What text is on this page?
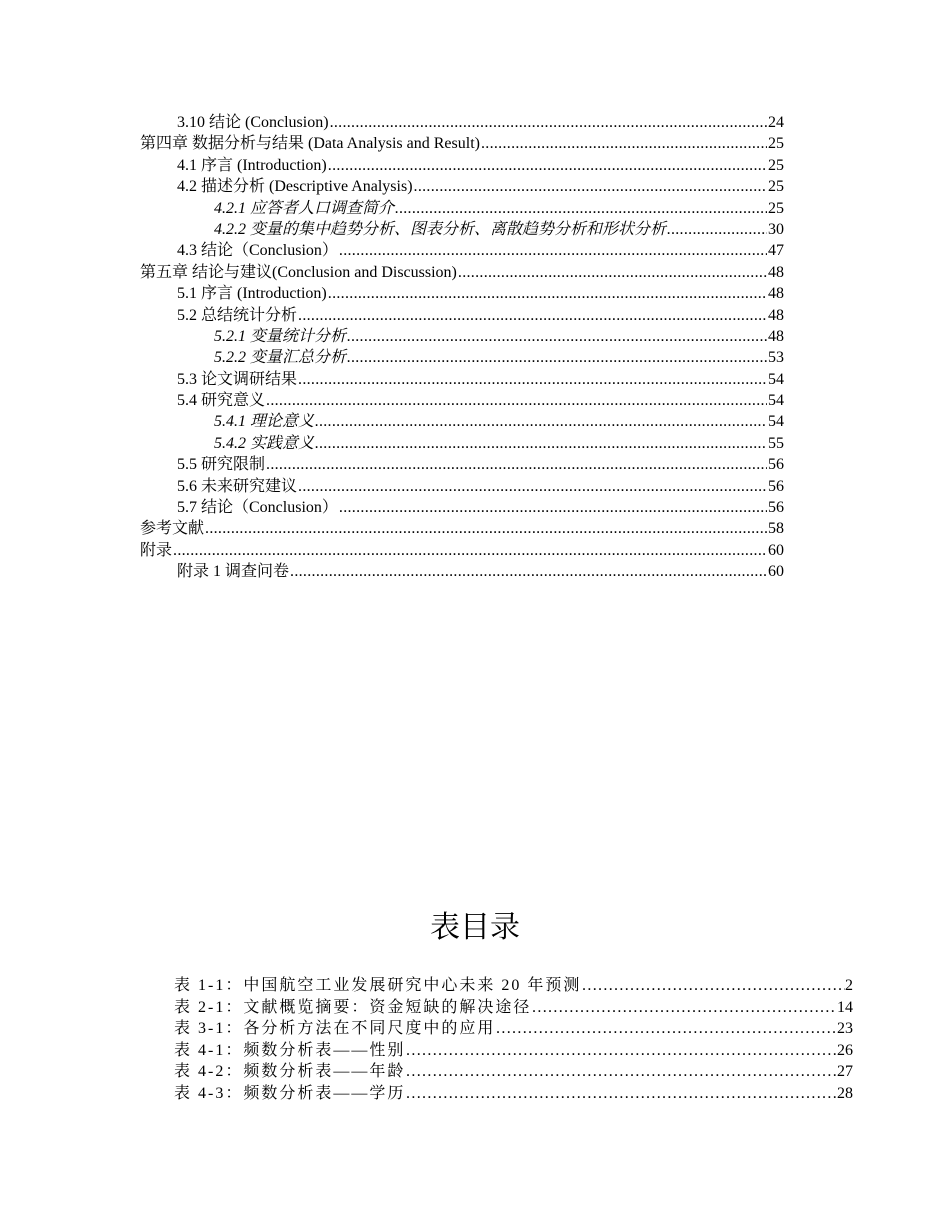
3.10 结论 (Conclusion) .....	24
第四章 数据分析与结果 (Data Analysis and Result) .....	25
4.1 序言 (Introduction) .....	25
4.2 描述分析 (Descriptive Analysis) .....	25
4.2.1 应答者人口调查简介 .....	25
4.2.2 变量的集中趋势分析、图表分析、离散趋势分析和形状分析 .....	30
4.3 结论（Conclusion） .....	47
第五章 结论与建议(Conclusion and Discussion) .....	48
5.1 序言 (Introduction) .....	48
5.2 总结统计分析 .....	48
5.2.1 变量统计分析 .....	48
5.2.2 变量汇总分析 .....	53
5.3 论文调研结果 .....	54
5.4 研究意义 .....	54
5.4.1 理论意义 .....	54
5.4.2 实践意义 .....	55
5.5 研究限制 .....	56
5.6 未来研究建议 .....	56
5.7 结论（Conclusion） .....	56
参考文献 .....	58
附录 .....	60
附录 1 调查问卷 .....	60
表目录
表 1-1：中国航空工业发展研究中心未来 20 年预测 ……………………………………………………………………………………………………………………………………	2
表 2-1：文献概览摘要：资金短缺的解决途径 ……………………………………………………………………………………………………………………………………	14
表 3-1：各分析方法在不同尺度中的应用 ……………………………………………………………………………………………………………………………………	23
表 4-1：频数分析表——性别 ……………………………………………………………………………………………………………………………………	26
表 4-2：频数分析表——年龄 ……………………………………………………………………………………………………………………………………	27
表 4-3：频数分析表——学历 ……………………………………………………………………………………………………………………………………	28
